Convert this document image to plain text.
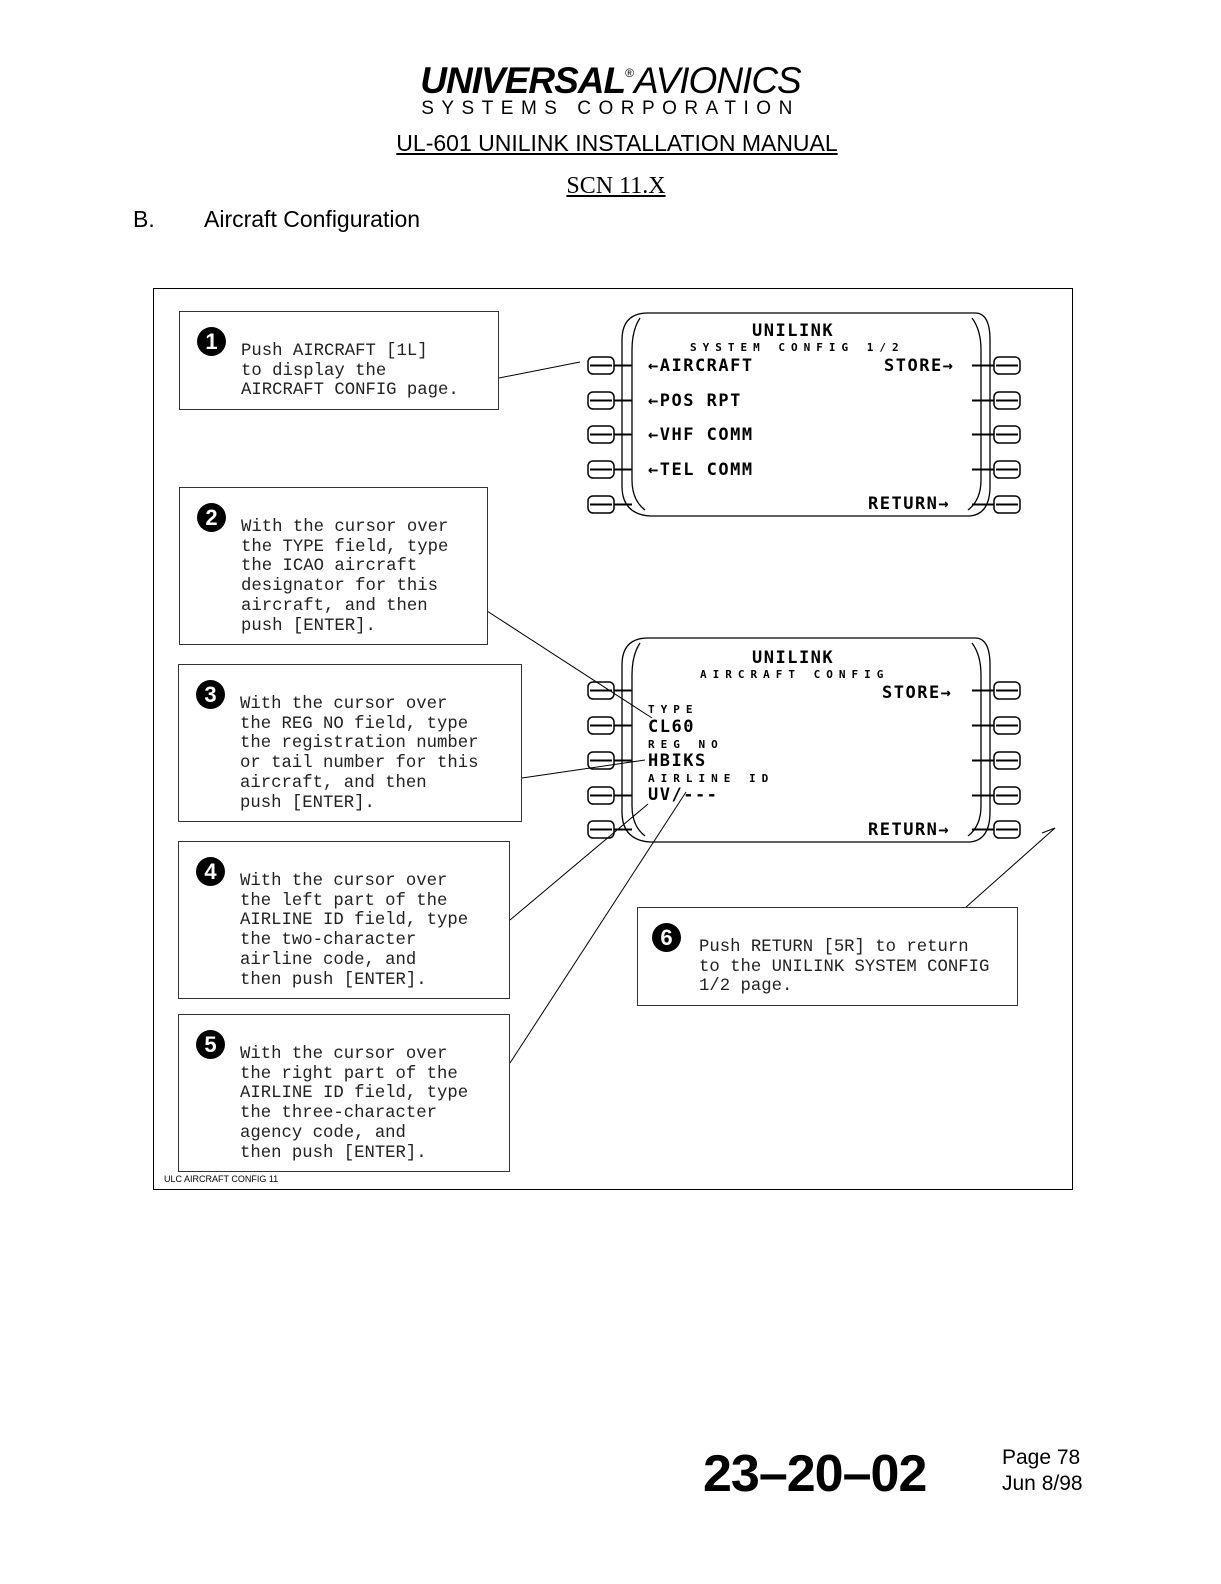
UNIVERSAL®AVIONICS
SYSTEMS CORPORATION
UL-601 UNILINK INSTALLATION MANUAL
SCN 11.X
B. Aircraft Configuration
UNILINK
SYSTEM CONFIG 1/2
←AIRCRAFT	STORE→
←POS RPT
←VHF COMM
←TEL COMM
RETURN→
UNILINK
AIRCRAFT CONFIG
STORE→
TYPE
CL60
REG NO
HBIKS
AIRLINE ID
UV/---
RETURN→
1	Push AIRCRAFT [1L]
to display the
AIRCRAFT CONFIG page.
2	With the cursor over
the TYPE field, type
the ICAO aircraft
designator for this
aircraft, and then
push [ENTER].
3	With the cursor over
the REG NO field, type
the registration number
or tail number for this
aircraft, and then
push [ENTER].
4	With the cursor over
the left part of the
AIRLINE ID field, type
the two-character
airline code, and
then push [ENTER].
5	With the cursor over
the right part of the
AIRLINE ID field, type
the three-character
agency code, and
then push [ENTER].
6	Push RETURN [5R] to return
to the UNILINK SYSTEM CONFIG
1/2 page.
ULC AIRCRAFT CONFIG 11
23–20–02	Page 78
Jun 8/98
